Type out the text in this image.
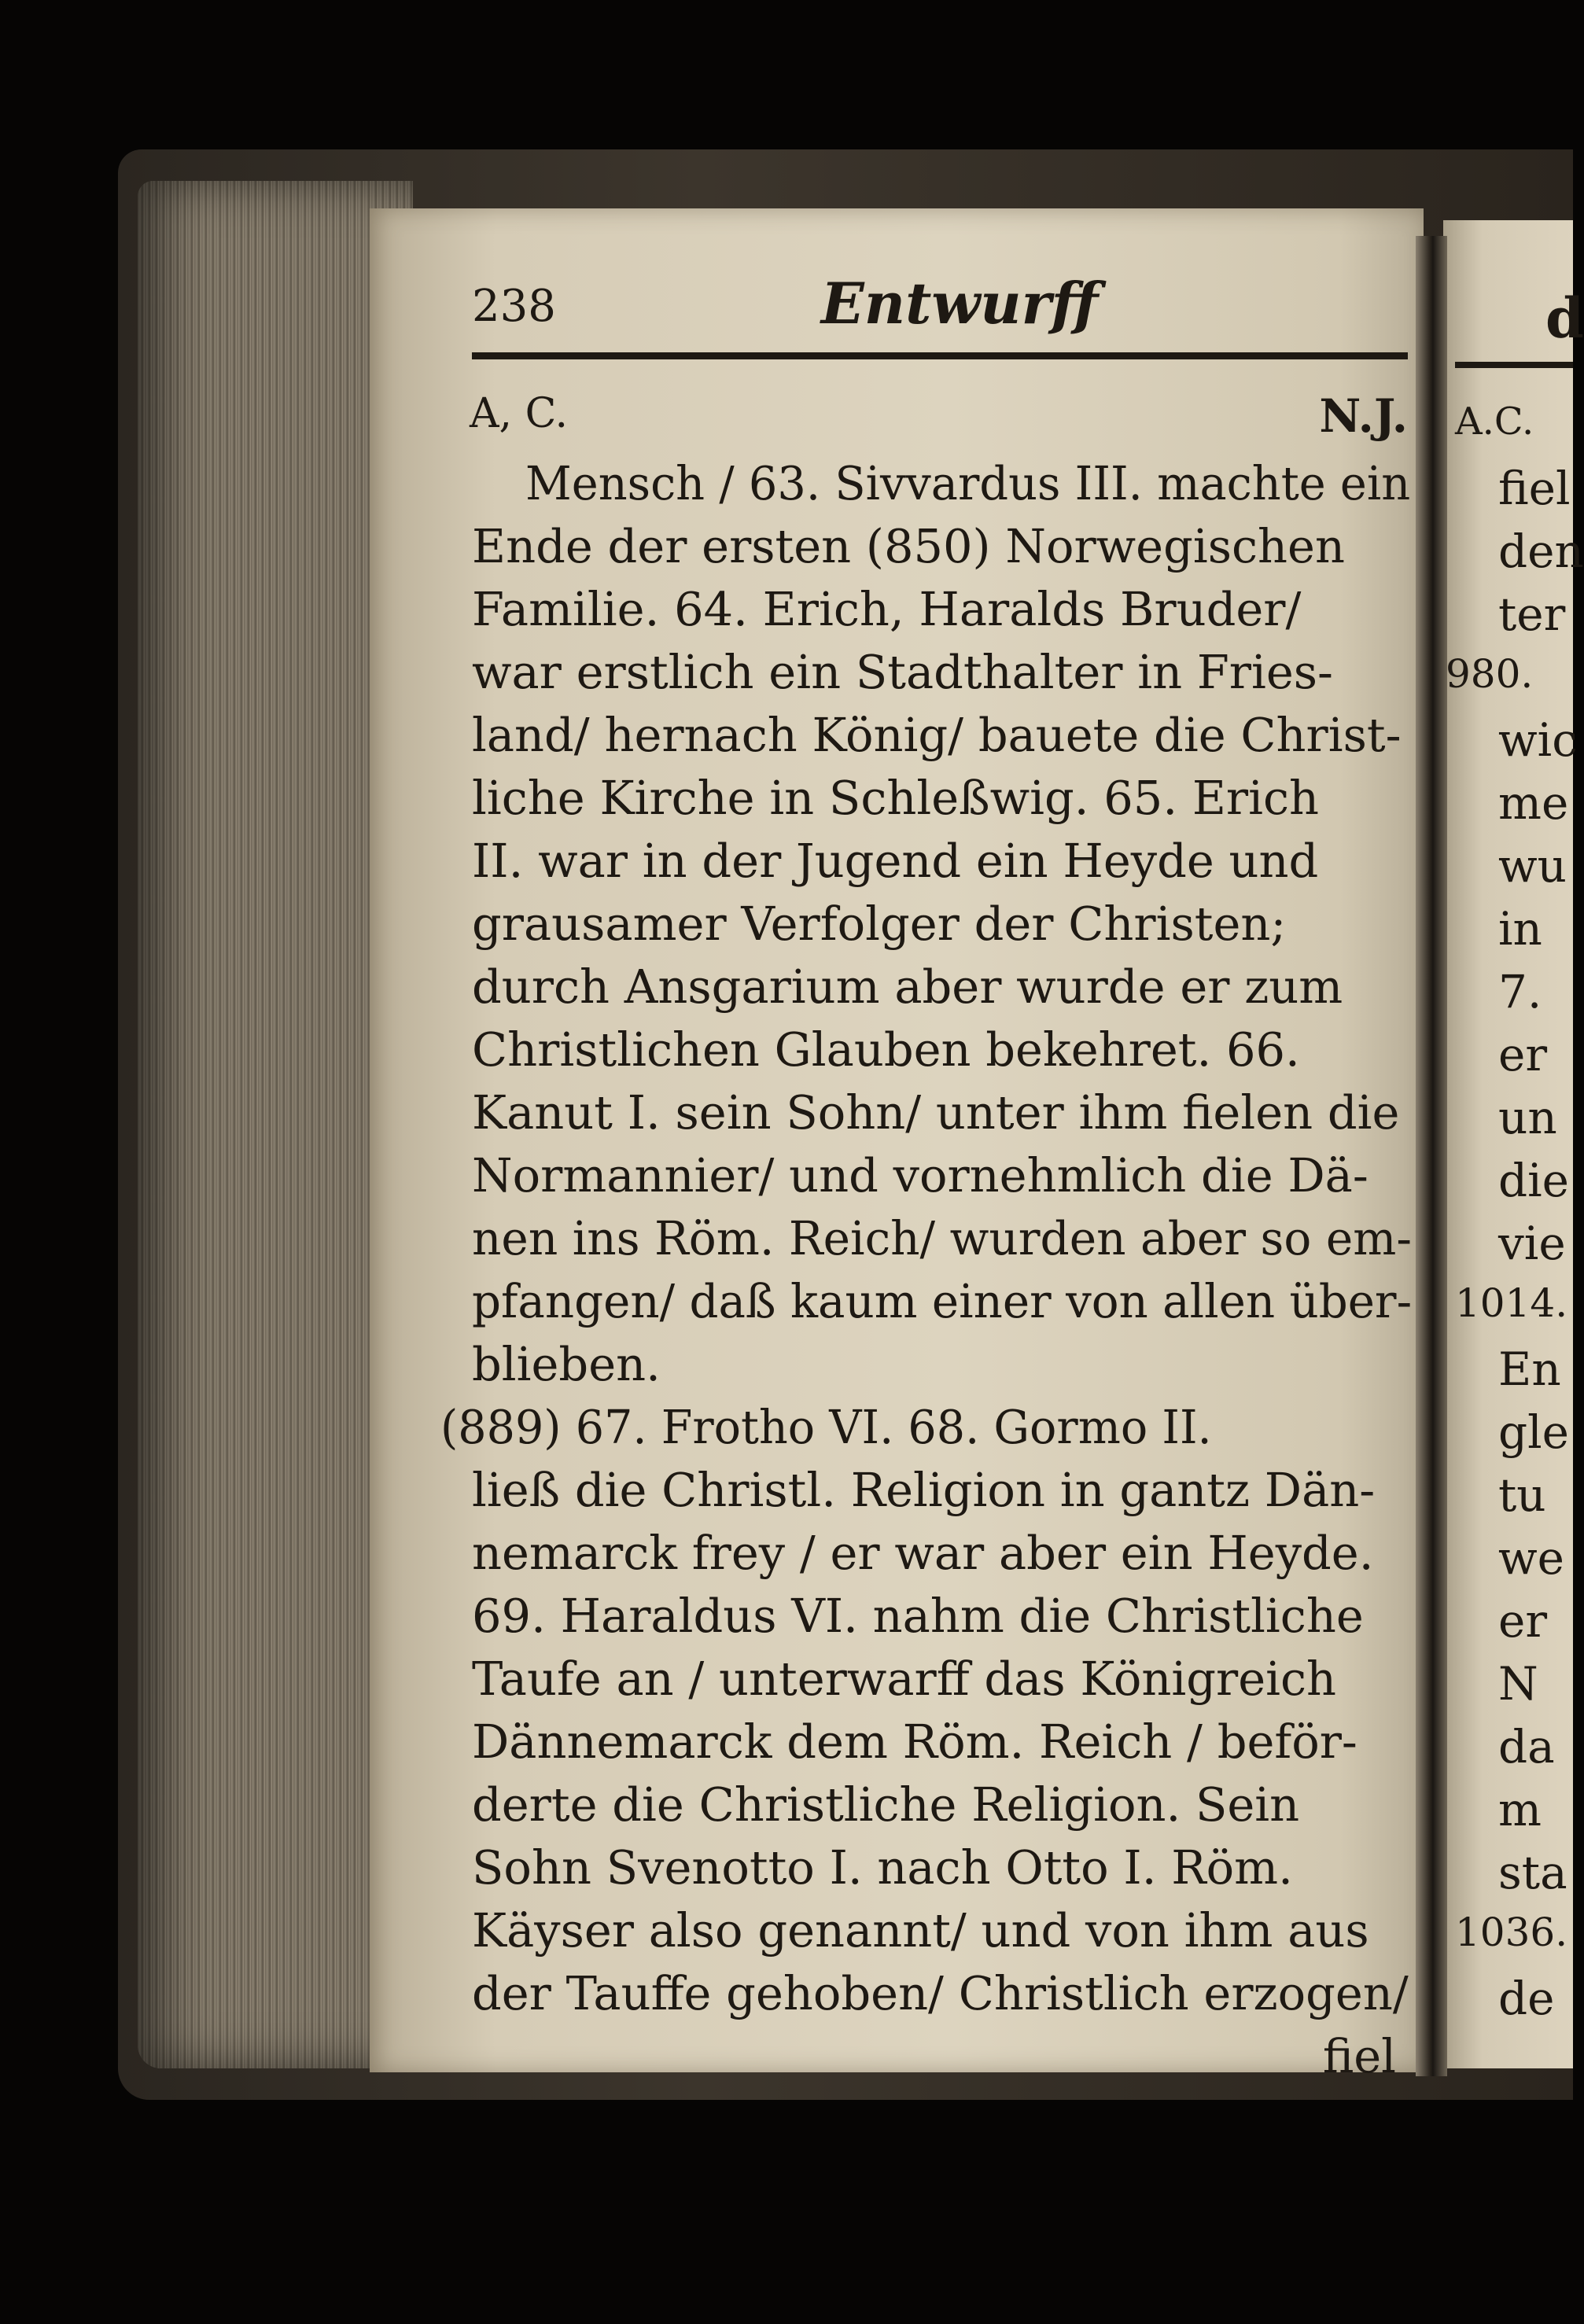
238	Entwurff
A, C.	N.J.
Mensch / 63. Sivvardus III. machte ein
Ende der ersten (850) Norwegischen
Familie. 64. Erich, Haralds Bruder/
war erstlich ein Stadthalter in Fries-
land/ hernach König/ bauete die Christ-
liche Kirche in Schleßwig. 65. Erich
II. war in der Jugend ein Heyde und
grausamer Verfolger der Christen;
durch Ansgarium aber wurde er zum
Christlichen Glauben bekehret. 66.
Kanut I. sein Sohn/ unter ihm fielen die
Normannier/ und vornehmlich die Dä-
nen ins Röm. Reich/ wurden aber so em-
pfangen/ daß kaum einer von allen über-
blieben.
(889) 67. Frotho VI. 68. Gormo II.
ließ die Christl. Religion in gantz Dän-
nemarck frey / er war aber ein Heyde.
69. Haraldus VI. nahm die Christliche
Taufe an / unterwarff das Königreich
Dännemarck dem Röm. Reich / beför-
derte die Christliche Religion. Sein
Sohn Svenotto I. nach Otto I. Röm.
Käyser also genannt/ und von ihm aus
der Tauffe gehoben/ Christlich erzogen/
fiel
d
A.C.
fiel
den
ter
980.
wic
me
wu
in
7.
er
un
die
vie
1014.
En
gle
tu
we
er
N
da
m
sta
1036.
de
